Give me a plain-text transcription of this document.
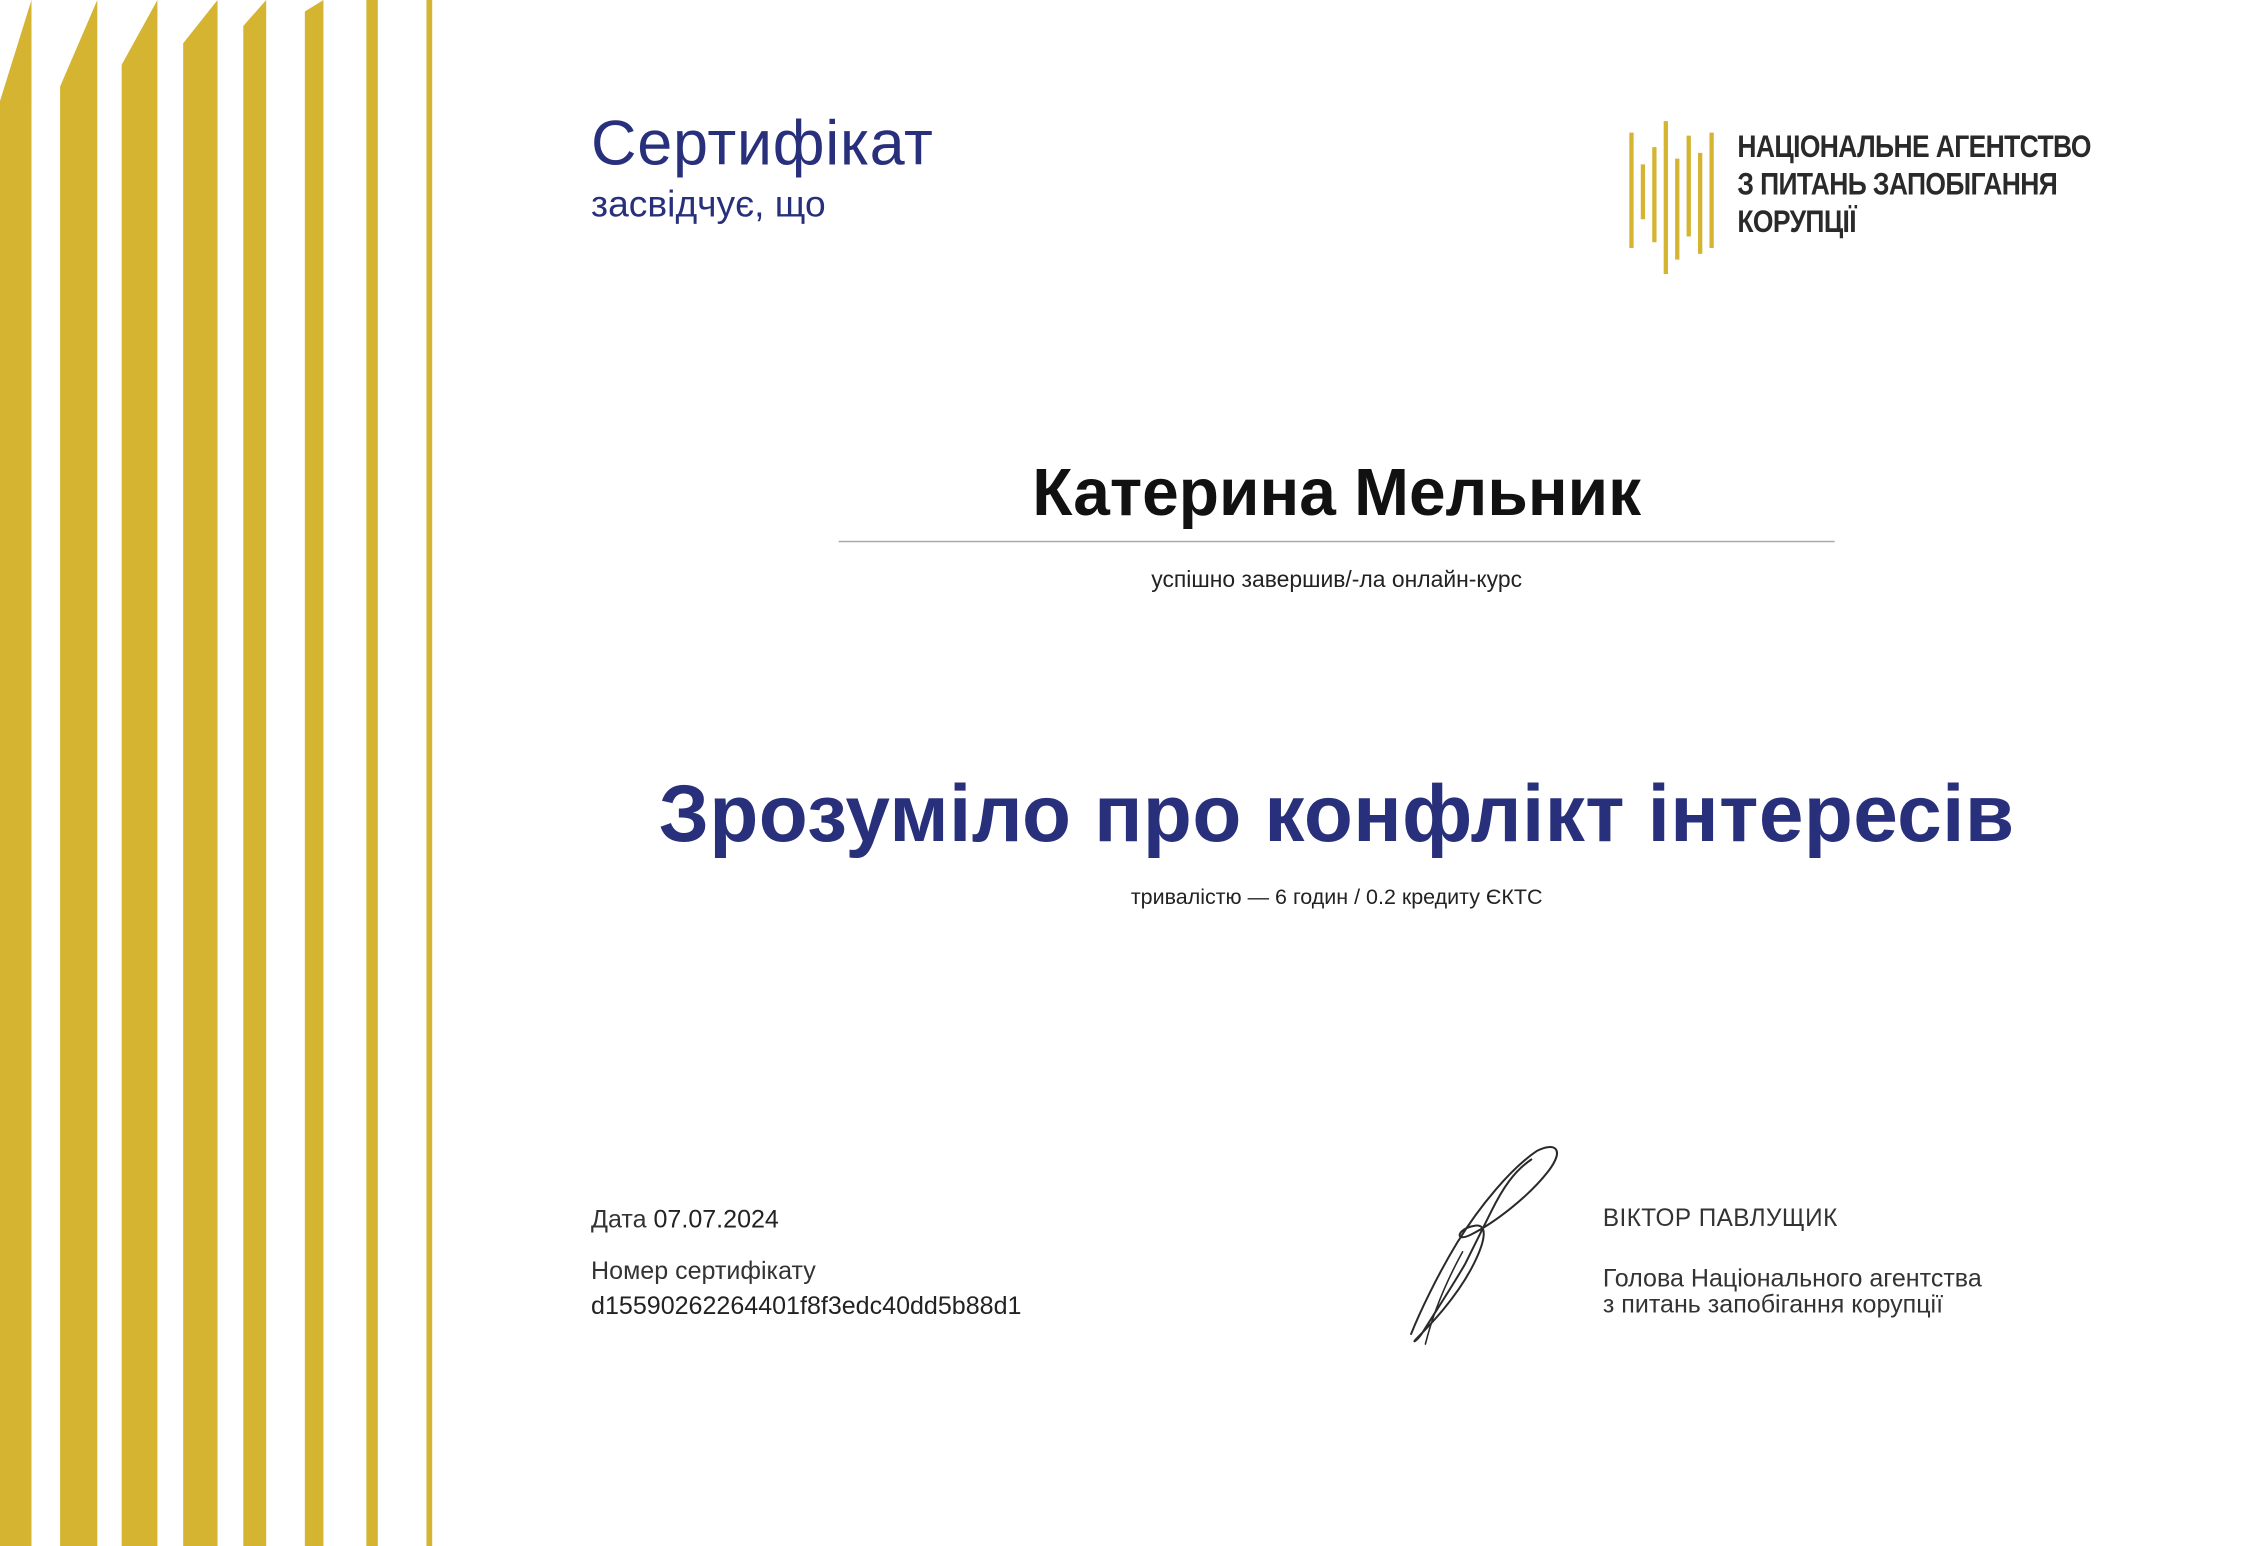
Сертифікат
засвідчує, що
НАЦІОНАЛЬНЕ АГЕНТСТВО
З ПИТАНЬ ЗАПОБІГАННЯ
КОРУПЦІЇ
Катерина Мельник
успішно завершив/-ла онлайн-курс
Зрозуміло про конфлікт інтересів
тривалістю — 6 годин / 0.2 кредиту ЄКТС
Дата 07.07.2024
Номер сертифікату
d15590262264401f8f3edc40dd5b88d1
ВІКТОР ПАВЛУЩИК
Голова Національного агентства
з питань запобігання корупції
